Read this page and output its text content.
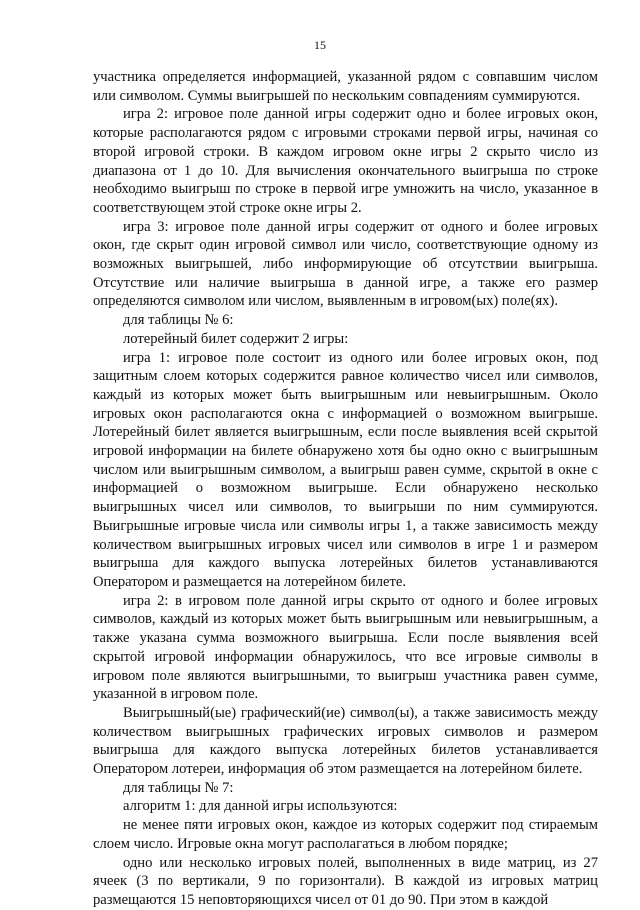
15

участника определяется информацией, указанной рядом с совпавшим числом или символом. Суммы выигрышей по нескольким совпадениям суммируются.

игра 2: игровое поле данной игры содержит одно и более игровых окон, которые располагаются рядом с игровыми строками первой игры, начиная со второй игровой строки. В каждом игровом окне игры 2 скрыто число из диапазона от 1 до 10. Для вычисления окончательного выигрыша по строке необходимо выигрыш по строке в первой игре умножить на число, указанное в соответствующем этой строке окне игры 2.

игра 3: игровое поле данной игры содержит от одного и более игровых окон, где скрыт один игровой символ или число, соответствующие одному из возможных выигрышей, либо информирующие об отсутствии выигрыша. Отсутствие или наличие выигрыша в данной игре, а также его размер определяются символом или числом, выявленным в игровом(ых) поле(ях).

для таблицы № 6:

лотерейный билет содержит 2 игры:

игра 1: игровое поле состоит из одного или более игровых окон, под защитным слоем которых содержится равное количество чисел или символов, каждый из которых может быть выигрышным или невыигрышным. Около игровых окон располагаются окна с информацией о возможном выигрыше. Лотерейный билет является выигрышным, если после выявления всей скрытой игровой информации на билете обнаружено хотя бы одно окно с выигрышным числом или выигрышным символом, а выигрыш равен сумме, скрытой в окне с информацией о возможном выигрыше. Если обнаружено несколько выигрышных чисел или символов, то выигрыши по ним суммируются. Выигрышные игровые числа или символы игры 1, а также зависимость между количеством выигрышных игровых чисел или символов в игре 1 и размером выигрыша для каждого выпуска лотерейных билетов устанавливаются Оператором и размещается на лотерейном билете.

игра 2: в игровом поле данной игры скрыто от одного и более игровых символов, каждый из которых может быть выигрышным или невыигрышным, а также указана сумма возможного выигрыша. Если после выявления всей скрытой игровой информации обнаружилось, что все игровые символы в игровом поле являются выигрышными, то выигрыш участника равен сумме, указанной в игровом поле.

Выигрышный(ые) графический(ие) символ(ы), а также зависимость между количеством выигрышных графических игровых символов и размером выигрыша для каждого выпуска лотерейных билетов устанавливается Оператором лотереи, информация об этом размещается на лотерейном билете.

для таблицы № 7:

алгоритм 1: для данной игры используются:

не менее пяти игровых окон, каждое из которых содержит под стираемым слоем число. Игровые окна могут располагаться в любом порядке;

одно или несколько игровых полей, выполненных в виде матриц, из 27 ячеек (3 по вертикали, 9 по горизонтали). В каждой из игровых матриц размещаются 15 неповторяющихся чисел от 01 до 90. При этом в каждой
